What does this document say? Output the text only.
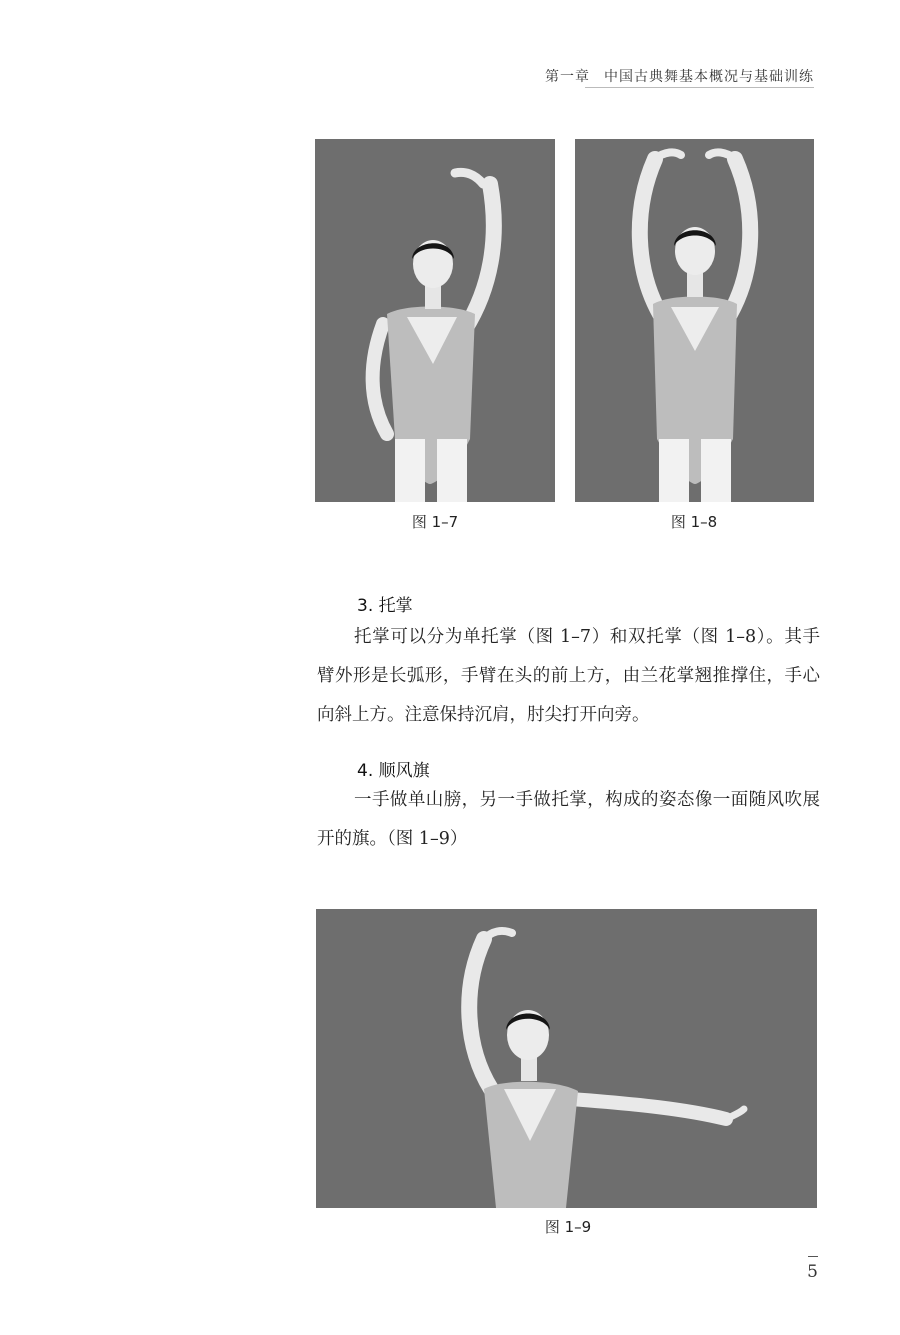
第一章 中国古典舞基本概况与基础训练
图 1–7	图 1–8
3. 托掌

托掌可以分为单托掌（图 1–7）和双托掌（图 1–8）。其手臂外形是长弧形，手臂在头的前上方，由兰花掌翘推撑住，手心向斜上方。注意保持沉肩，肘尖打开向旁。

4. 顺风旗

一手做单山膀，另一手做托掌，构成的姿态像一面随风吹展开的旗。（图 1–9）

图 1–9
5
